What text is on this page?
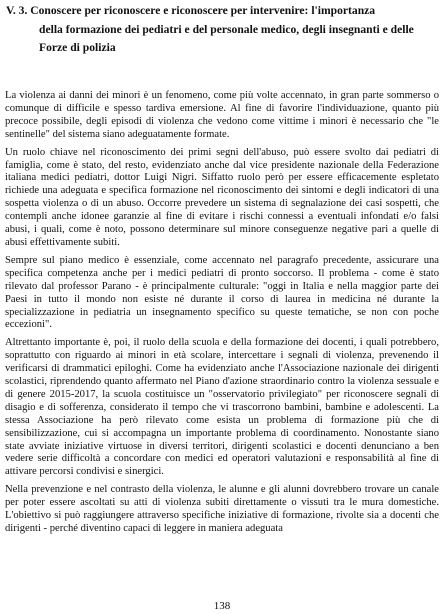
V. 3. Conoscere per riconoscere e riconoscere per intervenire: l'importanza
della formazione dei pediatri e del personale medico, degli insegnanti e delle
Forze di polizia

La violenza ai danni dei minori è un fenomeno, come più volte accennato, in gran parte sommerso o comunque di difficile e spesso tardiva emersione. Al fine di favorire l'individuazione, quanto più precoce possibile, degli episodi di violenza che vedono come vittime i minori è necessario che "le sentinelle" del sistema siano adeguatamente formate.

Un ruolo chiave nel riconoscimento dei primi segni dell'abuso, può essere svolto dai pediatri di famiglia, come è stato, del resto, evidenziato anche dal vice presidente nazionale della Federazione italiana medici pediatri, dottor Luigi Nigri. Siffatto ruolo però per essere efficacemente espletato richiede una adeguata e specifica formazione nel riconoscimento dei sintomi e degli indicatori di una sospetta violenza o di un abuso. Occorre prevedere un sistema di segnalazione dei casi sospetti, che contempli anche idonee garanzie al fine di evitare i rischi connessi a eventuali infondati e/o falsi abusi, i quali, come è noto, possono determinare sul minore conseguenze negative pari a quelle di abusi effettivamente subiti.

Sempre sul piano medico è essenziale, come accennato nel paragrafo precedente, assicurare una specifica competenza anche per i medici pediatri di pronto soccorso. Il problema - come è stato rilevato dal professor Parano - è principalmente culturale: "oggi in Italia e nella maggior parte dei Paesi in tutto il mondo non esiste né durante il corso di laurea in medicina né durante la specializzazione in pediatria un insegnamento specifico su queste tematiche, se non con poche eccezioni".

Altrettanto importante è, poi, il ruolo della scuola e della formazione dei docenti, i quali potrebbero, soprattutto con riguardo ai minori in età scolare, intercettare i segnali di violenza, prevenendo il verificarsi di drammatici epiloghi. Come ha evidenziato anche l'Associazione nazionale dei dirigenti scolastici, riprendendo quanto affermato nel Piano d'azione straordinario contro la violenza sessuale e di genere 2015-2017, la scuola costituisce un "osservatorio privilegiato" per riconoscere segnali di disagio e di sofferenza, considerato il tempo che vi trascorrono bambini, bambine e adolescenti. La stessa Associazione ha però rilevato come esista un problema di formazione più che di sensibilizzazione, cui si accompagna un importante problema di coordinamento. Nonostante siano state avviate iniziative virtuose in diversi territori, dirigenti scolastici e docenti denunciano a ben vedere serie difficoltà a concordare con medici ed operatori valutazioni e responsabilità al fine di attivare percorsi condivisi e sinergici.

Nella prevenzione e nel contrasto della violenza, le alunne e gli alunni dovrebbero trovare un canale per poter essere ascoltati su atti di violenza subiti direttamente o vissuti tra le mura domestiche. L'obiettivo si può raggiungere attraverso specifiche iniziative di formazione, rivolte sia a docenti che dirigenti - perché diventino capaci di leggere in maniera adeguata

138
